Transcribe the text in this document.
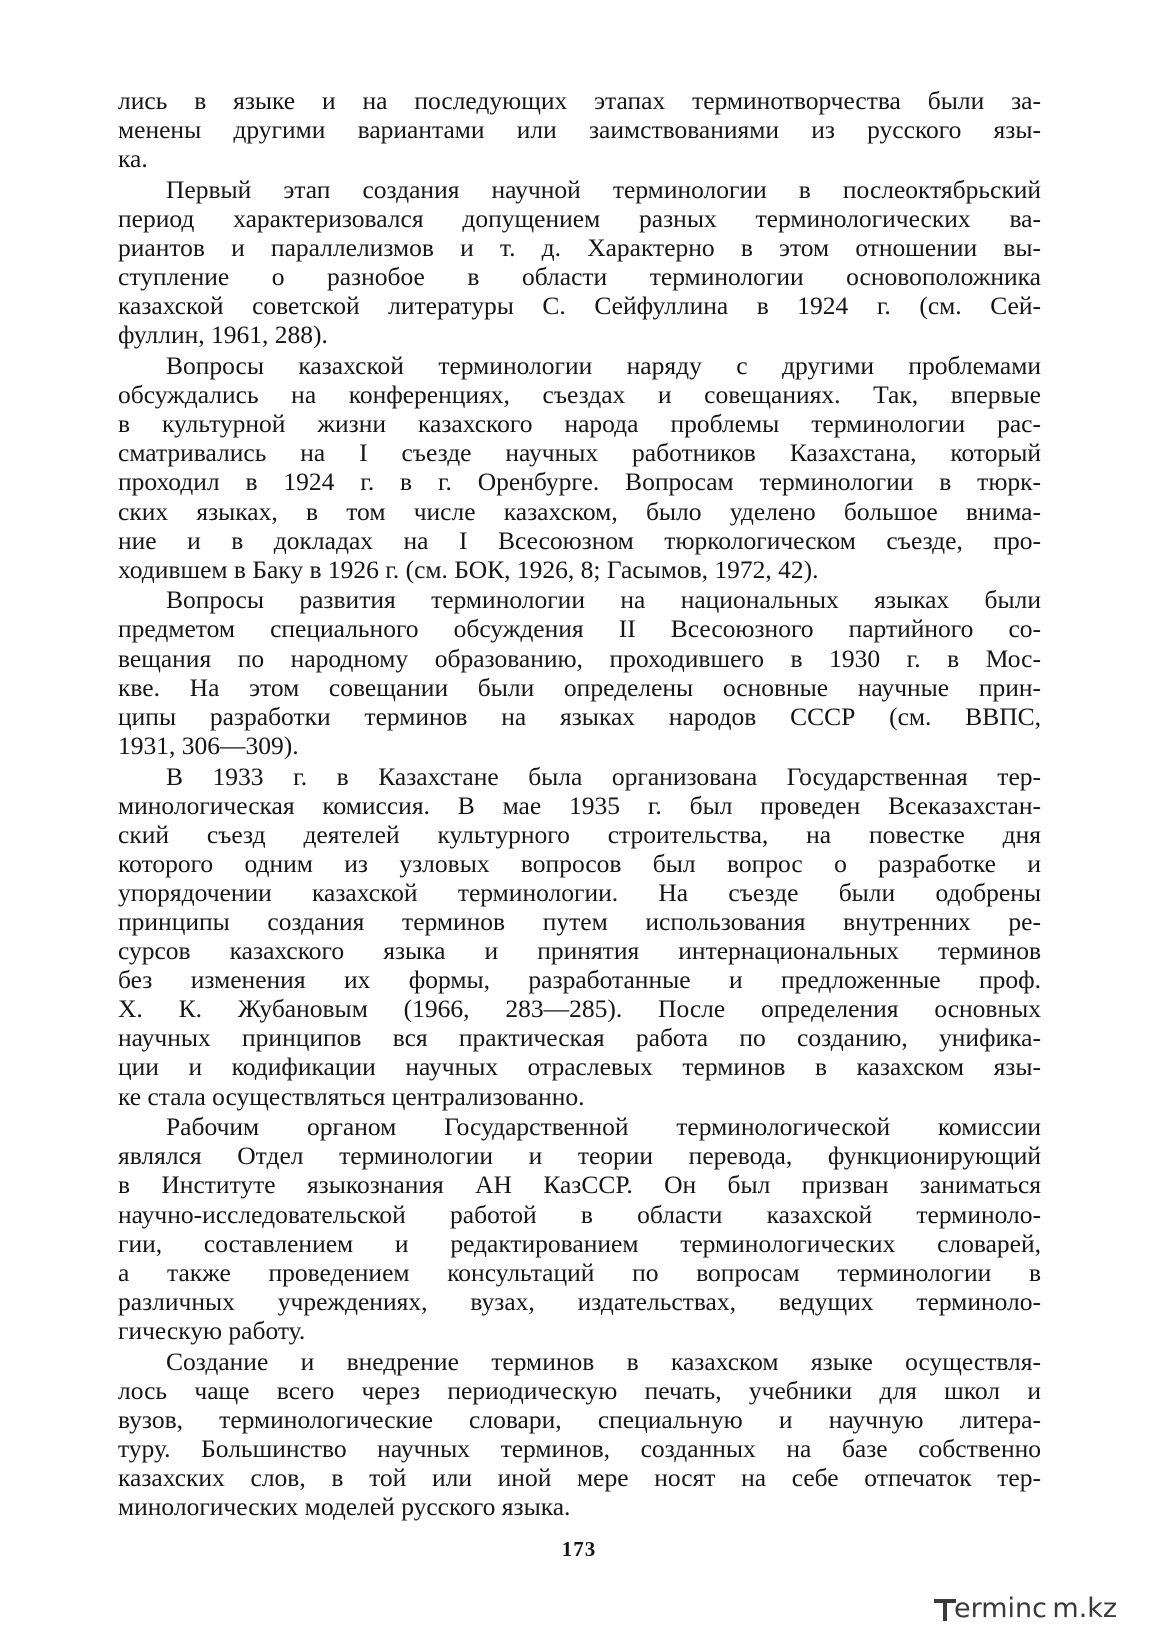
лись в языке и на последующих этапах терминотворчества были за-
менены другими вариантами или заимствованиями из русского язы-
ка.
Первый этап создания научной терминологии в послеоктябрьский
период характеризовался допущением разных терминологических ва-
риантов и параллелизмов и т. д. Характерно в этом отношении вы-
ступление о разнобое в области терминологии основоположника
казахской советской литературы С. Сейфуллина в 1924 г. (см. Сей-
фуллин, 1961, 288).
Вопросы казахской терминологии наряду с другими проблемами
обсуждались на конференциях, съездах и совещаниях. Так, впервые
в культурной жизни казахского народа проблемы терминологии рас-
сматривались на I съезде научных работников Казахстана, который
проходил в 1924 г. в г. Оренбурге. Вопросам терминологии в тюрк-
ских языках, в том числе казахском, было уделено большое внима-
ние и в докладах на I Всесоюзном тюркологическом съезде, про-
ходившем в Баку в 1926 г. (см. БОК, 1926, 8; Гасымов, 1972, 42).
Вопросы развития терминологии на национальных языках были
предметом специального обсуждения II Всесоюзного партийного со-
вещания по народному образованию, проходившего в 1930 г. в Мос-
кве. На этом совещании были определены основные научные прин-
ципы разработки терминов на языках народов СССР (см. ВВПС,
1931, 306—309).
В 1933 г. в Казахстане была организована Государственная тер-
минологическая комиссия. В мае 1935 г. был проведен Всеказахстан-
ский съезд деятелей культурного строительства, на повестке дня
которого одним из узловых вопросов был вопрос о разработке и
упорядочении казахской терминологии. На съезде были одобрены
принципы создания терминов путем использования внутренних ре-
сурсов казахского языка и принятия интернациональных терминов
без изменения их формы, разработанные и предложенные проф.
Х. К. Жубановым (1966, 283—285). После определения основных
научных принципов вся практическая работа по созданию, унифика-
ции и кодификации научных отраслевых терминов в казахском язы-
ке стала осуществляться централизованно.
Рабочим органом Государственной терминологической комиссии
являлся Отдел терминологии и теории перевода, функционирующий
в Институте языкознания АН КазССР. Он был призван заниматься
научно-исследовательской работой в области казахской терминоло-
гии, составлением и редактированием терминологических словарей,
а также проведением консультаций по вопросам терминологии в
различных учреждениях, вузах, издательствах, ведущих терминоло-
гическую работу.
Создание и внедрение терминов в казахском языке осуществля-
лось чаще всего через периодическую печать, учебники для школ и
вузов, терминологические словари, специальную и научную литера-
туру. Большинство научных терминов, созданных на базе собственно
казахских слов, в той или иной мере носят на себе отпечаток тер-
минологических моделей русского языка.
173
erminc m.kz
